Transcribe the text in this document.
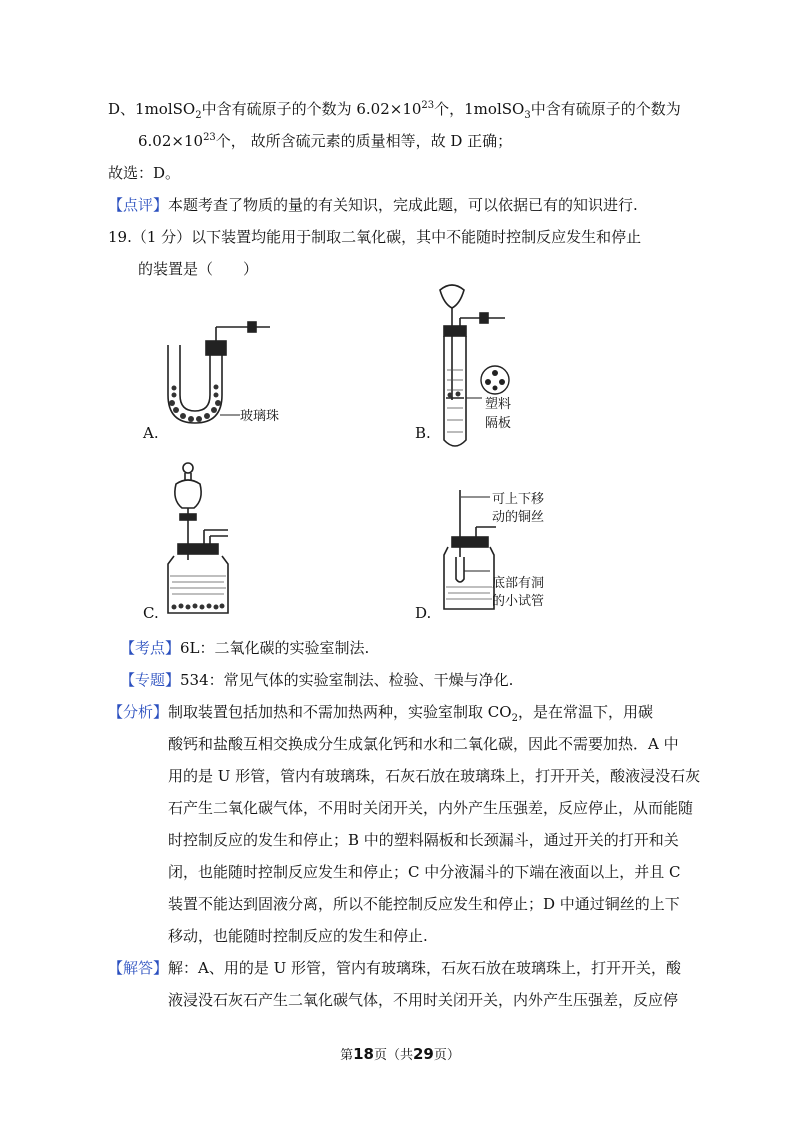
D、1molSO$_2$中含有硫原子的个数为 $6.02\times 10^{23}$个，1molSO$_3$中含有硫原子的个数为
$6.02\times 10^{23}$个， 故所含硫元素的质量相等，故 D 正确；
故选：D。
【点评】本题考查了物质的量的有关知识，完成此题，可以依据已有的知识进行.
19.（1 分）以下装置均能用于制取二氧化碳，其中不能随时控制反应发生和停止
的装置是（　　）
玻璃珠
A.
塑料
隔板
B.
C.
可上下移
动的铜丝
底部有洞
的小试管
D.
【考点】6L：二氧化碳的实验室制法.
【专题】534：常见气体的实验室制法、检验、干燥与净化.
【分析】制取装置包括加热和不需加热两种，实验室制取 $CO_2$，是在常温下，用碳
酸钙和盐酸互相交换成分生成氯化钙和水和二氧化碳，因此不需要加热．A 中
用的是 U 形管，管内有玻璃珠，石灰石放在玻璃珠上，打开开关，酸液浸没石灰
石产生二氧化碳气体，不用时关闭开关，内外产生压强差，反应停止，从而能随
时控制反应的发生和停止；B 中的塑料隔板和长颈漏斗，通过开关的打开和关
闭，也能随时控制反应发生和停止；C 中分液漏斗的下端在液面以上，并且 C
装置不能达到固液分离，所以不能控制反应发生和停止；D 中通过铜丝的上下
移动，也能随时控制反应的发生和停止.
【解答】解：A、用的是 U 形管，管内有玻璃珠，石灰石放在玻璃珠上，打开开关，酸
液浸没石灰石产生二氧化碳气体，不用时关闭开关，内外产生压强差，反应停
第18页（共29页）
